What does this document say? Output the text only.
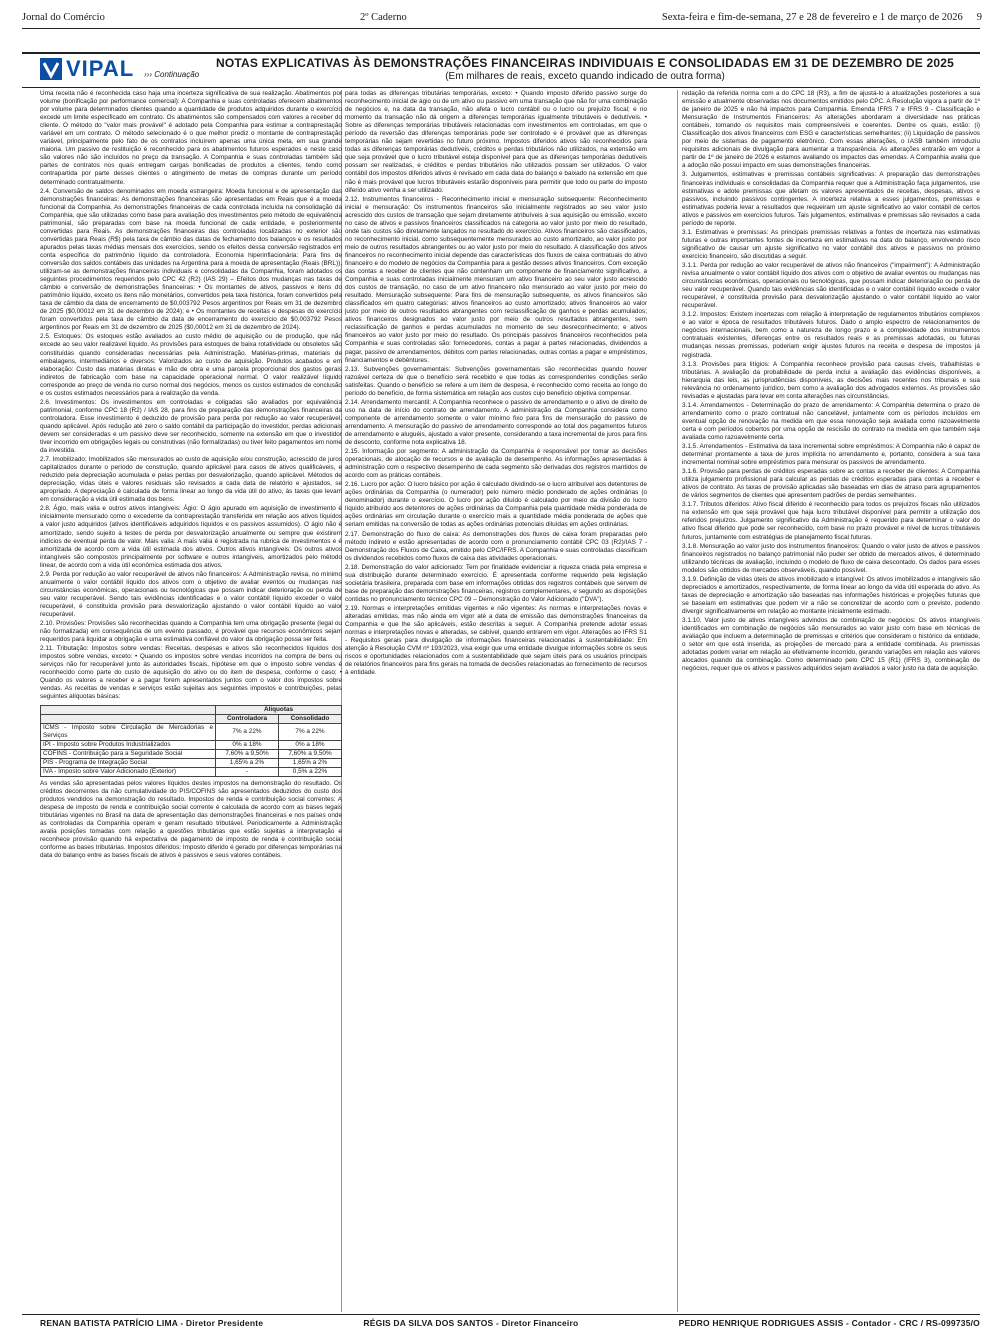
Jornal do Comércio	2º Caderno	Sexta-feira e fim-de-semana, 27 e 28 de fevereiro e 1 de março de 2026 9
VIPAL ››› Continuação
NOTAS EXPLICATIVAS ÀS DEMONSTRAÇÕES FINANCEIRAS INDIVIDUAIS E CONSOLIDADAS EM 31 DE DEZEMBRO DE 2025
(Em milhares de reais, exceto quando indicado de outra forma)

Uma receita não é reconhecida caso haja uma incerteza significativa de sua realização. Abatimentos por volume (bonificação por performance comercial): A Companhia e suas controladas oferecem abatimentos por volume para determinados clientes quando a quantidade de produtos adquiridos durante o exercício excede um limite especificado em contrato. Os abatimentos são compensados com valores a receber do cliente. O método do "valor mais provável" é adotado pela Companhia para estimar a contraprestação variável em um contrato. O método selecionado é o que melhor prediz o montante de contraprestação variável, principalmente pelo fato de os contratos incluírem apenas uma única meta, em sua grande maioria. Um passivo de restituição é reconhecido para os abatimentos futuros esperados e neste caso são valores não são incluídos no preço da transação. A Companhia e suas controladas também são partes de contratos nos quais entregam cargas bonificadas de produtos a clientes, tendo como contrapartida por parte desses clientes o atingimento de metas de compras durante um período determinado contratualmente.

2.4. Conversão de saldos denominados em moeda estrangeira: Moeda funcional e de apresentação das demonstrações financeiras: As demonstrações financeiras são apresentadas em Reais que é a moeda funcional da Companhia. As demonstrações financeiras de cada controlada incluída na consolidação da Companhia, que são utilizadas como base para avaliação dos investimentos pelo método de equivalência patrimonial, são preparadas com base na moeda funcional de cada entidade, e posteriormente convertidas para Reais. As demonstrações financeiras das controladas localizadas no exterior são convertidas para Reais (R$) pela taxa de câmbio das datas de fechamento dos balanços e os resultados apurados pelas taxas médias mensais dos exercícios, sendo os efeitos dessa conversão registrados em conta específica do patrimônio líquido da controladora. Economia hiperinflacionária: Para fins de conversão dos saldos contábeis das unidades na Argentina para a moeda de apresentação (Reais (BRL)), utilizam-se as demonstrações financeiras individuais e consolidadas da Companhia, foram adotados os seguintes procedimentos requeridos pelo CPC 42 (R2) (IAS 29) – Efeitos dos mudanças nas taxas de câmbio e conversão de demonstrações financeiras: • Os montantes de ativos, passivos e itens do patrimônio líquido, exceto os itens não monetários, convertidos pela taxa histórica, foram convertidos pela taxa de câmbio da data de encerramento de $0,003792 Pesos argentinos por Reais em 31 de dezembro de 2025 ($0,00012 em 31 de dezembro de 2024); e • Os montantes de receitas e despesas do exercício foram convertidos pela taxa de câmbio da data de encerramento do exercício de $0,003792 Pesos argentinos por Reais em 31 de dezembro de 2025 ($0,00012 em 31 de dezembro de 2024).

2.5. Estoques: Os estoques estão avaliados ao custo médio de aquisição ou de produção, que não excede ao seu valor realizável líquido. As provisões para estoques de baixa rotatividade ou obsoletos são constituídas quando consideradas necessárias pela Administração. Matérias-primas, materiais de embalagens, intermediários e diversos: Valorizados ao custo de aquisição. Produtos acabados e em elaboração: Custo das matérias diretas e mão de obra e uma parcela proporcional dos gastos gerais indiretos de fabricação com base na capacidade operacional normal. O valor realizável líquido corresponde ao preço de venda no curso normal dos negócios, menos os custos estimados de conclusão e os custos estimados necessários para a realização da venda.

2.6. Investimentos: Os investimentos em controladas e coligadas são avaliados por equivalência patrimonial, conforme CPC 18 (R2) / IAS 28, para fins de preparação das demonstrações financeiras da controladora. Esse investimento é deduzido de provisão para perda por redução ao valor recuperável, quando aplicável. Após redução até zero o saldo contábil da participação do investidor, perdas adicionais devem ser consideradas e um passivo deve ser reconhecido, somente na extensão em que o investidor tiver incorrido em obrigações legais ou construtivas (não formalizadas) ou tiver feito pagamentos em nome da investida.

2.7. Imobilizado: Imobilizados são mensurados ao custo de aquisição e/ou construção, acrescido de juros capitalizados durante o período de construção, quando aplicável para casos de ativos qualificáveis, e reduzido pela depreciação acumulada e pelas perdas por desvalorização, quando aplicável. Métodos de depreciação, vidas úteis e valores residuais são revisados a cada data de relatório e ajustados, se apropriado. A depreciação é calculada de forma linear ao longo da vida útil do ativo, às taxas que levam em consideração a vida útil estimada dos bens.

2.8. Ágio, mais valia e outros ativos intangíveis: Ágio: O ágio apurado em aquisição de investimento é inicialmente mensurado como o excedente da contraprestação transferida em relação aos ativos líquidos a valor justo adquiridos (ativos identificáveis adquiridos líquidos e os passivos assumidos). O ágio não é amortizado, sendo sujeito a testes de perda por desvalorização anualmente ou sempre que existirem indícios de eventual perda de valor. Mais valia: A mais valia é registrada na rubrica de investimentos e é amortizada de acordo com a vida útil estimada dos ativos. Outros ativos intangíveis: Os outros ativos intangíveis são compostos principalmente por software e outros intangíveis, amortizados pelo método linear, de acordo com a vida útil econômica estimada dos ativos.

2.9. Perda por redução ao valor recuperável de ativos não financeiros: A Administração revisa, no mínimo anualmente o valor contábil líquido dos ativos com o objetivo de avaliar eventos ou mudanças nas circunstâncias econômicas, operacionais ou tecnológicas que possam indicar deterioração ou perda de seu valor recuperável. Sendo tais evidências identificadas e o valor contábil líquido exceder o valor recuperável, é constituída provisão para desvalorização ajustando o valor contábil líquido ao valor recuperável.

2.10. Provisões: Provisões são reconhecidas quando a Companhia tem uma obrigação presente (legal ou não formalizada) em consequência de um evento passado, é provável que recursos econômicos sejam requeridos para liquidar a obrigação e uma estimativa confiável do valor da obrigação possa ser feita.

2.11. Tributação: Impostos sobre vendas: Receitas, despesas e ativos são reconhecidos líquidos dos impostos sobre vendas, exceto: • Quando os impostos sobre vendas incorridos na compra de bens ou serviços não for recuperável junto às autoridades fiscais, hipótese em que o imposto sobre vendas é reconhecido como parte do custo de aquisição do ativo ou do item de despesa, conforme o caso; • Quando os valores a receber e a pagar forem apresentados juntos com o valor dos impostos sobre vendas. As receitas de vendas e serviços estão sujeitas aos seguintes impostos e contribuições, pelas seguintes alíquotas básicas:

	Alíquotas	
	Controladora	Consolidado
ICMS - Imposto sobre Circulação de Mercadorias e Serviços	7% a 22%	7% a 22%
IPI - Imposto sobre Produtos Industrializados	0% a 18%	0% a 18%
COFINS - Contribuição para a Seguridade Social	7,60% a 9,50%	7,60% a 9,50%
PIS - Programa de Integração Social	1,65% a 2%	1,65% a 2%
IVA - Imposto sobre Valor Adicionado (Exterior)	-	0,5% a 22%

As vendas são apresentadas pelos valores líquidos destes impostos na demonstração do resultado. Os créditos decorrentes da não cumulatividade do PIS/COFINS são apresentados deduzidos do custo dos produtos vendidos na demonstração do resultado. Impostos de renda e contribuição social correntes: A despesa de imposto de renda e contribuição social corrente é calculada de acordo com as bases legais tributárias vigentes no Brasil na data de apresentação das demonstrações financeiras e nos países onde as controladas da Companhia operam e geram resultado tributável. Periodicamente a Administração avalia posições tomadas com relação a questões tributárias que estão sujeitas a interpretação e reconhece provisão quando há expectativa de pagamento de imposto de renda e contribuição social conforme as bases tributárias. Impostos diferidos: Imposto diferido é gerado por diferenças temporárias na data do balanço entre as bases fiscais de ativos e passivos e seus valores contábeis.

para todas as diferenças tributárias temporárias, exceto: • Quando imposto diferido passivo surge do reconhecimento inicial de ágio ou de um ativo ou passivo em uma transação que não for uma combinação de negócios e, na data da transação, não afeta o lucro contábil ou o lucro ou prejuízo fiscal; e no momento da transação não dá origem a diferenças temporárias igualmente tributáveis e dedutíveis. • Sobre as diferenças temporárias tributáveis relacionadas com investimentos em controladas, em que o período da reversão das diferenças temporárias pode ser controlado e é provável que as diferenças temporárias não sejam revertidas no futuro próximo. Impostos diferidos ativos são reconhecidos para todas as diferenças temporárias dedutíveis, créditos e perdas tributários não utilizados, na extensão em que seja provável que o lucro tributável esteja disponível para que as diferenças temporárias dedutíveis possam ser realizadas, e créditos e perdas tributários não utilizados possam ser utilizados. O valor contábil dos impostos diferidos ativos é revisado em cada data do balanço e baixado na extensão em que não é mais provável que lucros tributáveis estarão disponíveis para permitir que todo ou parte do imposto diferido ativo venha a ser utilizado.

2.12. Instrumentos financeiros - Reconhecimento inicial e mensuração subsequente: Reconhecimento inicial e mensuração: Os instrumentos financeiros são inicialmente registrados ao seu valor justo acrescido dos custos de transação que sejam diretamente atribuíveis à sua aquisição ou emissão, exceto no caso de ativos e passivos financeiros classificados na categoria ao valor justo por meio do resultado, onde tais custos são diretamente lançados no resultado do exercício. Ativos financeiros são classificados, no reconhecimento inicial, como subsequentemente mensurados ao custo amortizado, ao valor justo por meio de outros resultados abrangentes ou ao valor justo por meio do resultado. A classificação dos ativos financeiros no reconhecimento inicial depende das características dos fluxos de caixa contratuais do ativo financeiro e do modelo de negócios da Companhia para a gestão desses ativos financeiros. Com exceção das contas a receber de clientes que não contenham um componente de financiamento significativo, a Companhia e suas controladas inicialmente mensuram um ativo financeiro ao seu valor justo acrescido dos custos de transação, no caso de um ativo financeiro não mensurado ao valor justo por meio do resultado. Mensuração subsequente: Para fins de mensuração subsequente, os ativos financeiros são classificados em quatro categorias: ativos financeiros ao custo amortizado; ativos financeiros ao valor justo por meio de outros resultados abrangentes com reclassificação de ganhos e perdas acumulados; ativos financeiros designados ao valor justo por meio de outros resultados abrangentes, sem reclassificação de ganhos e perdas acumulados no momento de seu desreconhecimento; e ativos financeiros ao valor justo por meio do resultado. Os principais passivos financeiros reconhecidos pela Companhia e suas controladas são: fornecedores, contas a pagar a partes relacionadas, dividendos a pagar, passivo de arrendamentos, débitos com partes relacionadas, outras contas a pagar e empréstimos, financiamentos e debêntures.

2.13. Subvenções governamentais: Subvenções governamentais são reconhecidas quando houver razoável certeza de que o benefício será recebido e que todas as correspondentes condições serão satisfeitas. Quando o benefício se refere a um item de despesa, é reconhecido como receita ao longo do período do benefício, de forma sistemática em relação aos custos cujo benefício objetiva compensar.

2.14. Arrendamento mercantil: A Companhia reconhece o passivo de arrendamento e o ativo de direito de uso na data de início do contrato de arrendamento. A administração da Companhia considera como componente de arrendamento somente o valor mínimo fixo para fins de mensuração do passivo de arrendamento. A mensuração do passivo de arrendamento corresponde ao total dos pagamentos futuros de arrendamento e aluguéis, ajustado a valor presente, considerando a taxa incremental de juros para fins de desconto, conforme nota explicativa 18.

2.15. Informação por segmento: A administração da Companhia é responsável por tomar as decisões operacionais, de alocação de recursos e de avaliação de desempenho. As informações apresentadas à administração com o respectivo desempenho de cada segmento são derivadas dos registros mantidos de acordo com as práticas contábeis.

2.16. Lucro por ação: O lucro básico por ação é calculado dividindo-se o lucro atribuível aos detentores de ações ordinárias da Companhia (o numerador) pelo número médio ponderado de ações ordinárias (o denominador) durante o exercício. O lucro por ação diluído é calculado por meio da divisão do lucro líquido atribuído aos detentores de ações ordinárias da Companhia pela quantidade média ponderada de ações ordinárias em circulação durante o exercício mais a quantidade média ponderada de ações que seriam emitidas na conversão de todas as ações ordinárias potenciais diluídas em ações ordinárias.

2.17. Demonstração do fluxo de caixa: As demonstrações dos fluxos de caixa foram preparadas pelo método indireto e estão apresentadas de acordo com o pronunciamento contábil CPC 03 (R2)/IAS 7 - Demonstração dos Fluxos de Caixa, emitido pelo CPC/IFRS. A Companhia e suas controladas classificam os dividendos recebidos como fluxos de caixa das atividades operacionais.

2.18. Demonstração do valor adicionado: Tem por finalidade evidenciar a riqueza criada pela empresa e sua distribuição durante determinado exercício. É apresentada conforme requerido pela legislação societária brasileira, preparada com base em informações obtidas dos registros contábeis que servem de base de preparação das demonstrações financeiras, registros complementares, e segundo as disposições contidas no pronunciamento técnico CPC 09 – Demonstração do Valor Adicionado ("DVA").

2.19. Normas e interpretações emitidas vigentes e não vigentes: As normas e interpretações novas e alteradas emitidas, mas não ainda em vigor até a data de emissão das demonstrações financeiras da Companhia e que lhe são aplicáveis, estão descritas a seguir. A Companhia pretende adotar essas normas e interpretações novas e alteradas, se cabível, quando entrarem em vigor. Alterações ao IFRS S1 - Requisitos gerais para divulgação de informações financeiras relacionadas à sustentabilidade: Em atenção à Resolução CVM nº 193/2023, visa exigir que uma entidade divulgue informações sobre os seus riscos e oportunidades relacionados com a sustentabilidade que sejam úteis para os usuários principais de relatórios financeiros para fins gerais na tomada de decisões relacionadas ao fornecimento de recursos à entidade.

redação da referida norma com a do CPC 18 (R3), a fim de ajustá-lo a atualizações posteriores a sua emissão e atualmente observadas nos documentos emitidos pelo CPC. A Resolução vigora a partir de 1º de janeiro de 2025 e não há impactos para Companhia. Emenda IFRS 7 e IFRS 9 - Classificação e Mensuração de Instrumentos Financeiros: As alterações abordaram a diversidade nas práticas contábeis, tornando os requisitos mais compreensíveis e coerentes. Dentre os quais, estão: (i) Classificação dos ativos financeiros com ESG e características semelhantes; (ii) Liquidação de passivos por meio de sistemas de pagamento eletrônico. Com essas alterações, o IASB também introduziu requisitos adicionais de divulgação para aumentar a transparência. As alterações entrarão em vigor a partir de 1º de janeiro de 2026 e estamos avaliando os impactos das emendas. A Companhia avalia que a adoção não possui impacto em suas demonstrações financeiras.

3. Julgamentos, estimativas e premissas contábeis significativas: A preparação das demonstrações financeiras individuais e consolidadas da Companhia requer que a Administração faça julgamentos, use estimativas e adote premissas que afetam os valores apresentados de receitas, despesas, ativos e passivos, incluindo passivos contingentes. A incerteza relativa a esses julgamentos, premissas e estimativas poderia levar a resultados que requeiram um ajuste significativo ao valor contábil de certos ativos e passivos em exercícios futuros. Tais julgamentos, estimativas e premissas são revisados a cada período de reporte.

3.1. Estimativas e premissas: As principais premissas relativas a fontes de incerteza nas estimativas futuras e outras importantes fontes de incerteza em estimativas na data do balanço, envolvendo risco significativo de causar um ajuste significativo no valor contábil dos ativos e passivos no próximo exercício financeiro, são discutidas a seguir.

3.1.1. Perda por redução ao valor recuperável de ativos não financeiros ("impairment"): A Administração revisa anualmente o valor contábil líquido dos ativos com o objetivo de avaliar eventos ou mudanças nas circunstâncias econômicas, operacionais ou tecnológicas, que possam indicar deterioração ou perda de seu valor recuperável. Quando tais evidências são identificadas e o valor contábil líquido excede o valor recuperável, é constituída provisão para desvalorização ajustando o valor contábil líquido ao valor recuperável.

3.1.2. Impostos: Existem incertezas com relação à interpretação de regulamentos tributários complexos e ao valor e época de resultados tributáveis futuros. Dado o amplo espectro de relacionamentos de negócios internacionais, bem como a natureza de longo prazo e a complexidade dos instrumentos contratuais existentes, diferenças entre os resultados reais e as premissas adotadas, ou futuras mudanças nessas premissas, poderiam exigir ajustes futuros na receita e despesa de impostos já registrada.

3.1.3. Provisões para litígios: A Companhia reconhece provisão para causas cíveis, trabalhistas e tributárias. A avaliação da probabilidade de perda inclui a avaliação das evidências disponíveis, a hierarquia das leis, as jurisprudências disponíveis, as decisões mais recentes nos tribunais e sua relevância no ordenamento jurídico, bem como a avaliação dos advogados externos. As provisões são revisadas e ajustadas para levar em conta alterações nas circunstâncias.

3.1.4. Arrendamentos - Determinação do prazo de arrendamento: A Companhia determina o prazo de arrendamento como o prazo contratual não cancelável, juntamente com os períodos incluídos em eventual opção de renovação na medida em que essa renovação seja avaliada como razoavelmente certa e com períodos cobertos por uma opção de rescisão do contrato na medida em que também seja avaliada como razoavelmente certa.

3.1.5. Arrendamentos - Estimativa da taxa incremental sobre empréstimos: A Companhia não é capaz de determinar prontamente a taxa de juros implícita no arrendamento e, portanto, considera a sua taxa incremental nominal sobre empréstimos para mensurar os passivos de arrendamento.

3.1.6. Provisão para perdas de créditos esperadas sobre as contas a receber de clientes: A Companhia utiliza julgamento profissional para calcular as perdas de créditos esperadas para contas a receber e ativos de contrato. As taxas de provisão aplicadas são baseadas em dias de atraso para agrupamentos de vários segmentos de clientes que apresentem padrões de perdas semelhantes.

3.1.7. Tributos diferidos: Ativo fiscal diferido é reconhecido para todos os prejuízos fiscais não utilizados na extensão em que seja provável que haja lucro tributável disponível para permitir a utilização dos referidos prejuízos. Julgamento significativo da Administração é requerido para determinar o valor do ativo fiscal diferido que pode ser reconhecido, com base no prazo provável e nível de lucros tributáveis futuros, juntamente com estratégias de planejamento fiscal futuras.

3.1.8. Mensuração ao valor justo dos instrumentos financeiros: Quando o valor justo de ativos e passivos financeiros registrados no balanço patrimonial não puder ser obtido de mercados ativos, é determinado utilizando técnicas de avaliação, incluindo o modelo de fluxo de caixa descontado. Os dados para esses modelos são obtidos de mercados observáveis, quando possível.

3.1.9. Definição de vidas úteis de ativos imobilizado e intangível: Os ativos imobilizados e intangíveis são depreciados e amortizados, respectivamente, de forma linear ao longo da vida útil esperada do ativo. As taxas de depreciação e amortização são baseadas nas informações históricas e projeções futuras que se baseiam em estimativas que podem vir a não se concretizar de acordo com o previsto, podendo divergir significativamente em relação ao montante inicialmente estimado.

3.1.10. Valor justo de ativos intangíveis advindos de combinação de negócios: Os ativos intangíveis identificados em combinação de negócios são mensurados ao valor justo com base em técnicas de avaliação que incluem a determinação de premissas e critérios que consideram o histórico da entidade, o setor em que está inserida, as projeções de mercado para a entidade combinada. As premissas adotadas podem variar em relação ao efetivamente incorrido, gerando variações em relação aos valores alocados quando da combinação. Como determinado pelo CPC 15 (R1) (IFRS 3), combinação de negócios, requer que os ativos e passivos adquiridos sejam avaliados a valor justo na data de aquisição.

RENAN BATISTA PATRÍCIO LIMA - Diretor Presidente	RÉGIS DA SILVA DOS SANTOS - Diretor Financeiro	PEDRO HENRIQUE RODRIGUES ASSIS - Contador - CRC / RS-099735/O
